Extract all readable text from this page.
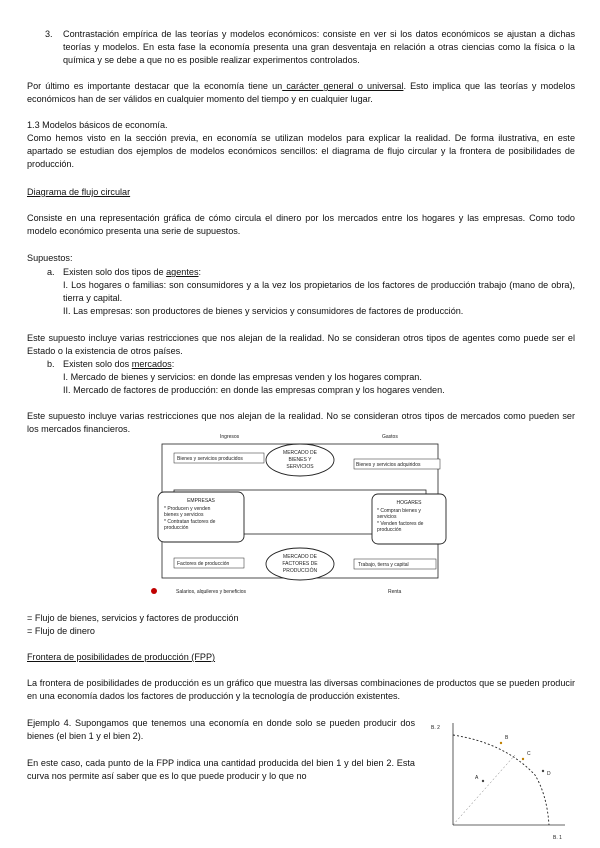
3. Contrastación empírica de las teorías y modelos económicos: consiste en ver si los datos económicos se ajustan a dichas teorías y modelos. En esta fase la economía presenta una gran desventaja en relación a otras ciencias como la física o la química y se debe a que no es posible realizar experimentos controlados.
Por último es importante destacar que la economía tiene un carácter general o universal. Esto implica que las teorías y modelos económicos han de ser válidos en cualquier momento del tiempo y en cualquier lugar.
1.3 Modelos básicos de economía.
Como hemos visto en la sección previa, en economía se utilizan modelos para explicar la realidad. De forma ilustrativa, en este apartado se estudian dos ejemplos de modelos económicos sencillos: el diagrama de flujo circular y la frontera de posibilidades de producción.
Diagrama de flujo circular
Consiste en una representación gráfica de cómo circula el dinero por los mercados entre los hogares y las empresas. Como todo modelo económico presenta una serie de supuestos.
Supuestos:
a. Existen solo dos tipos de agentes:
I. Los hogares o familias: son consumidores y a la vez los propietarios de los factores de producción trabajo (mano de obra), tierra y capital.
II. Las empresas: son productores de bienes y servicios y consumidores de factores de producción.
Este supuesto incluye varias restricciones que nos alejan de la realidad. No se consideran otros tipos de agentes como puede ser el Estado o la existencia de otros países.
b. Existen solo dos mercados:
I. Mercado de bienes y servicios: en donde las empresas venden y los hogares compran.
II. Mercado de factores de producción: en donde las empresas compran y los hogares venden.
Este supuesto incluye varias restricciones que nos alejan de la realidad. No se consideran otros tipos de mercados como pueden ser los mercados financieros.
Ingresos	Gastos
MERCADO DE
BIENES Y
SERVICIOS
Bienes y servicios producidos
Bienes y servicios adquiridos
EMPRESAS
* Producen y venden
bienes y servicios
* Contratan factores de
producción
HOGARES
* Compran bienes y
servicios
* Venden factores de
producción
MERCADO DE
FACTORES DE
PRODUCCIÓN
Factores de producción	Trabajo, tierra y capital
Salarios, alquileres y beneficios	Renta
= Flujo de bienes, servicios y factores de producción
= Flujo de dinero
Frontera de posibilidades de producción (FPP)
La frontera de posibilidades de producción es un gráfico que muestra las diversas combinaciones de productos que se pueden producir en una economía dados los factores de producción y la tecnología de producción existentes.
Ejemplo 4. Supongamos que tenemos una economía en donde solo se pueden producir dos bienes (el bien 1 y el bien 2).
En este caso, cada punto de la FPP indica una cantidad producida del bien 1 y del bien 2. Esta curva nos permite así saber que es lo que puede producir y lo que no
B. 2
B. 1
B
C
A
D
